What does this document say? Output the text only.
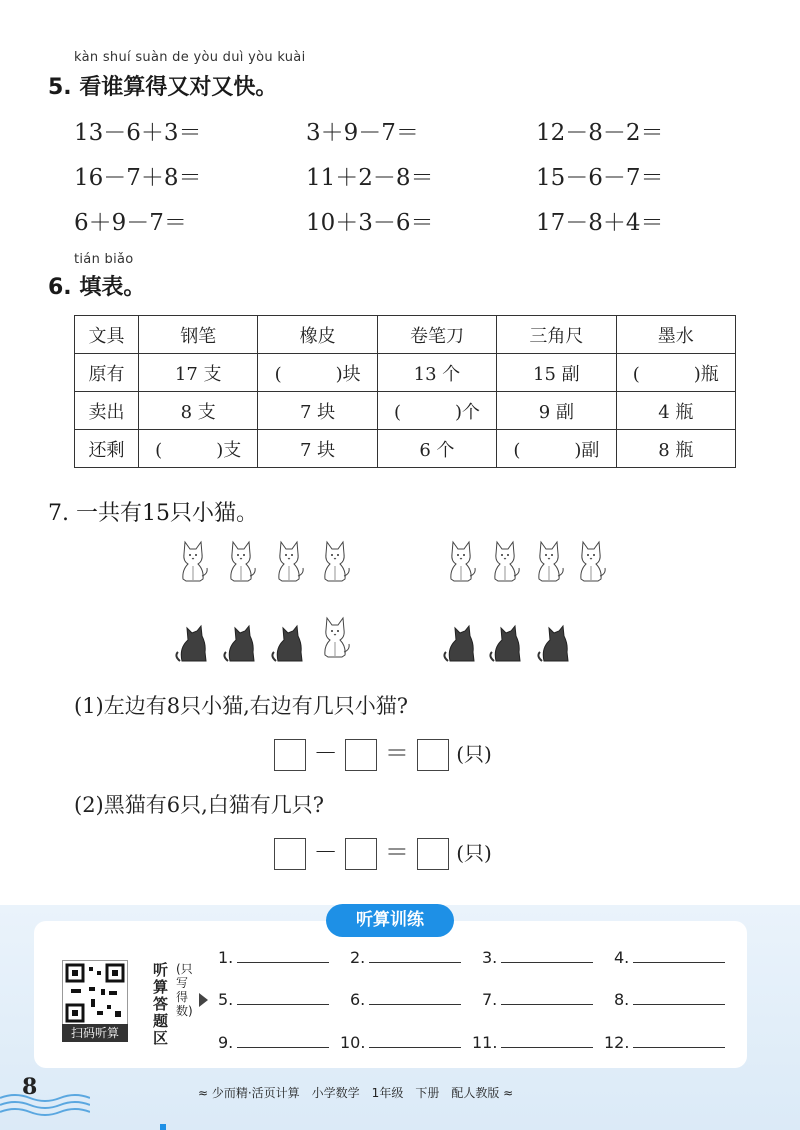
kàn shuí suàn de yòu duì yòu kuài
5. 看谁算得又对又快。
13－6＋3＝	3＋9－7＝	12－8－2＝
16－7＋8＝	11＋2－8＝	15－6－7＝
6＋9－7＝	10＋3－6＝	17－8＋4＝
tián biǎo
6. 填表。
文具	钢笔	橡皮	卷笔刀	三角尺	墨水
原有	17 支	(　　　)块	13 个	15 副	(　　　)瓶
卖出	8 支	7 块	(　　　)个	9 副	4 瓶
还剩	(　　　)支	7 块	6 个	(　　　)副	8 瓶
7. 一共有15只小猫。
(1)左边有8只小猫,右边有几只小猫?
－ ＝ (只)
(2)黑猫有6只,白猫有几只?
－ ＝ (只)
听算训练
扫码听算
听算答题区
(只写得数)
1.	2.	3.	4.
5.	6.	7.	8.
9.	10.	11.	12.
8	≈ 少而精·活页计算　小学数学　1年级　下册　配人教版 ≈
